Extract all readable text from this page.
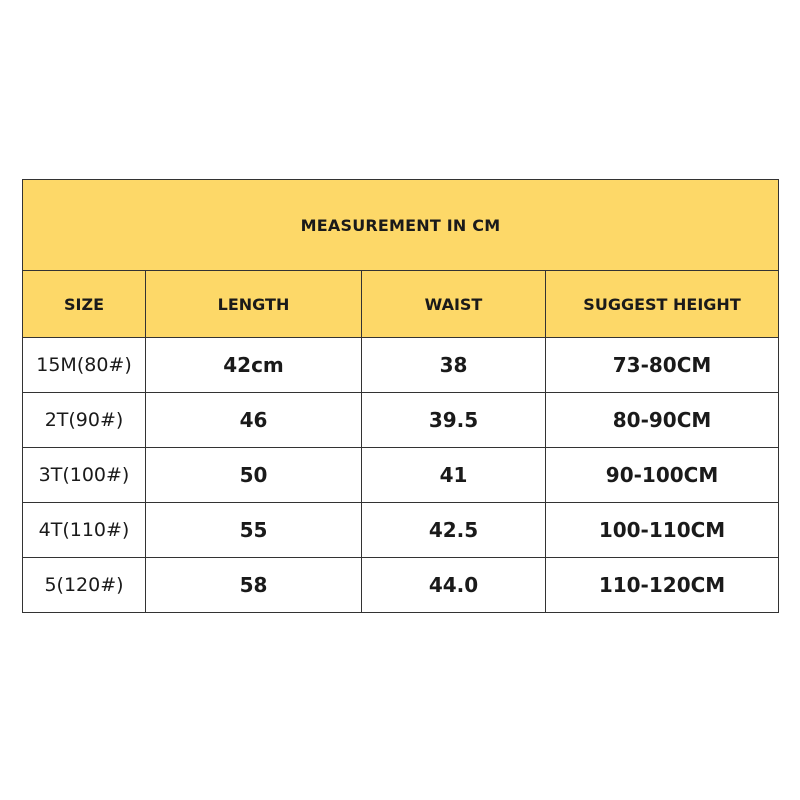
MEASUREMENT IN CM			
SIZE	LENGTH	WAIST	SUGGEST HEIGHT
15M(80#)	42cm	38	73-80CM
2T(90#)	46	39.5	80-90CM
3T(100#)	50	41	90-100CM
4T(110#)	55	42.5	100-110CM
5(120#)	58	44.0	110-120CM
